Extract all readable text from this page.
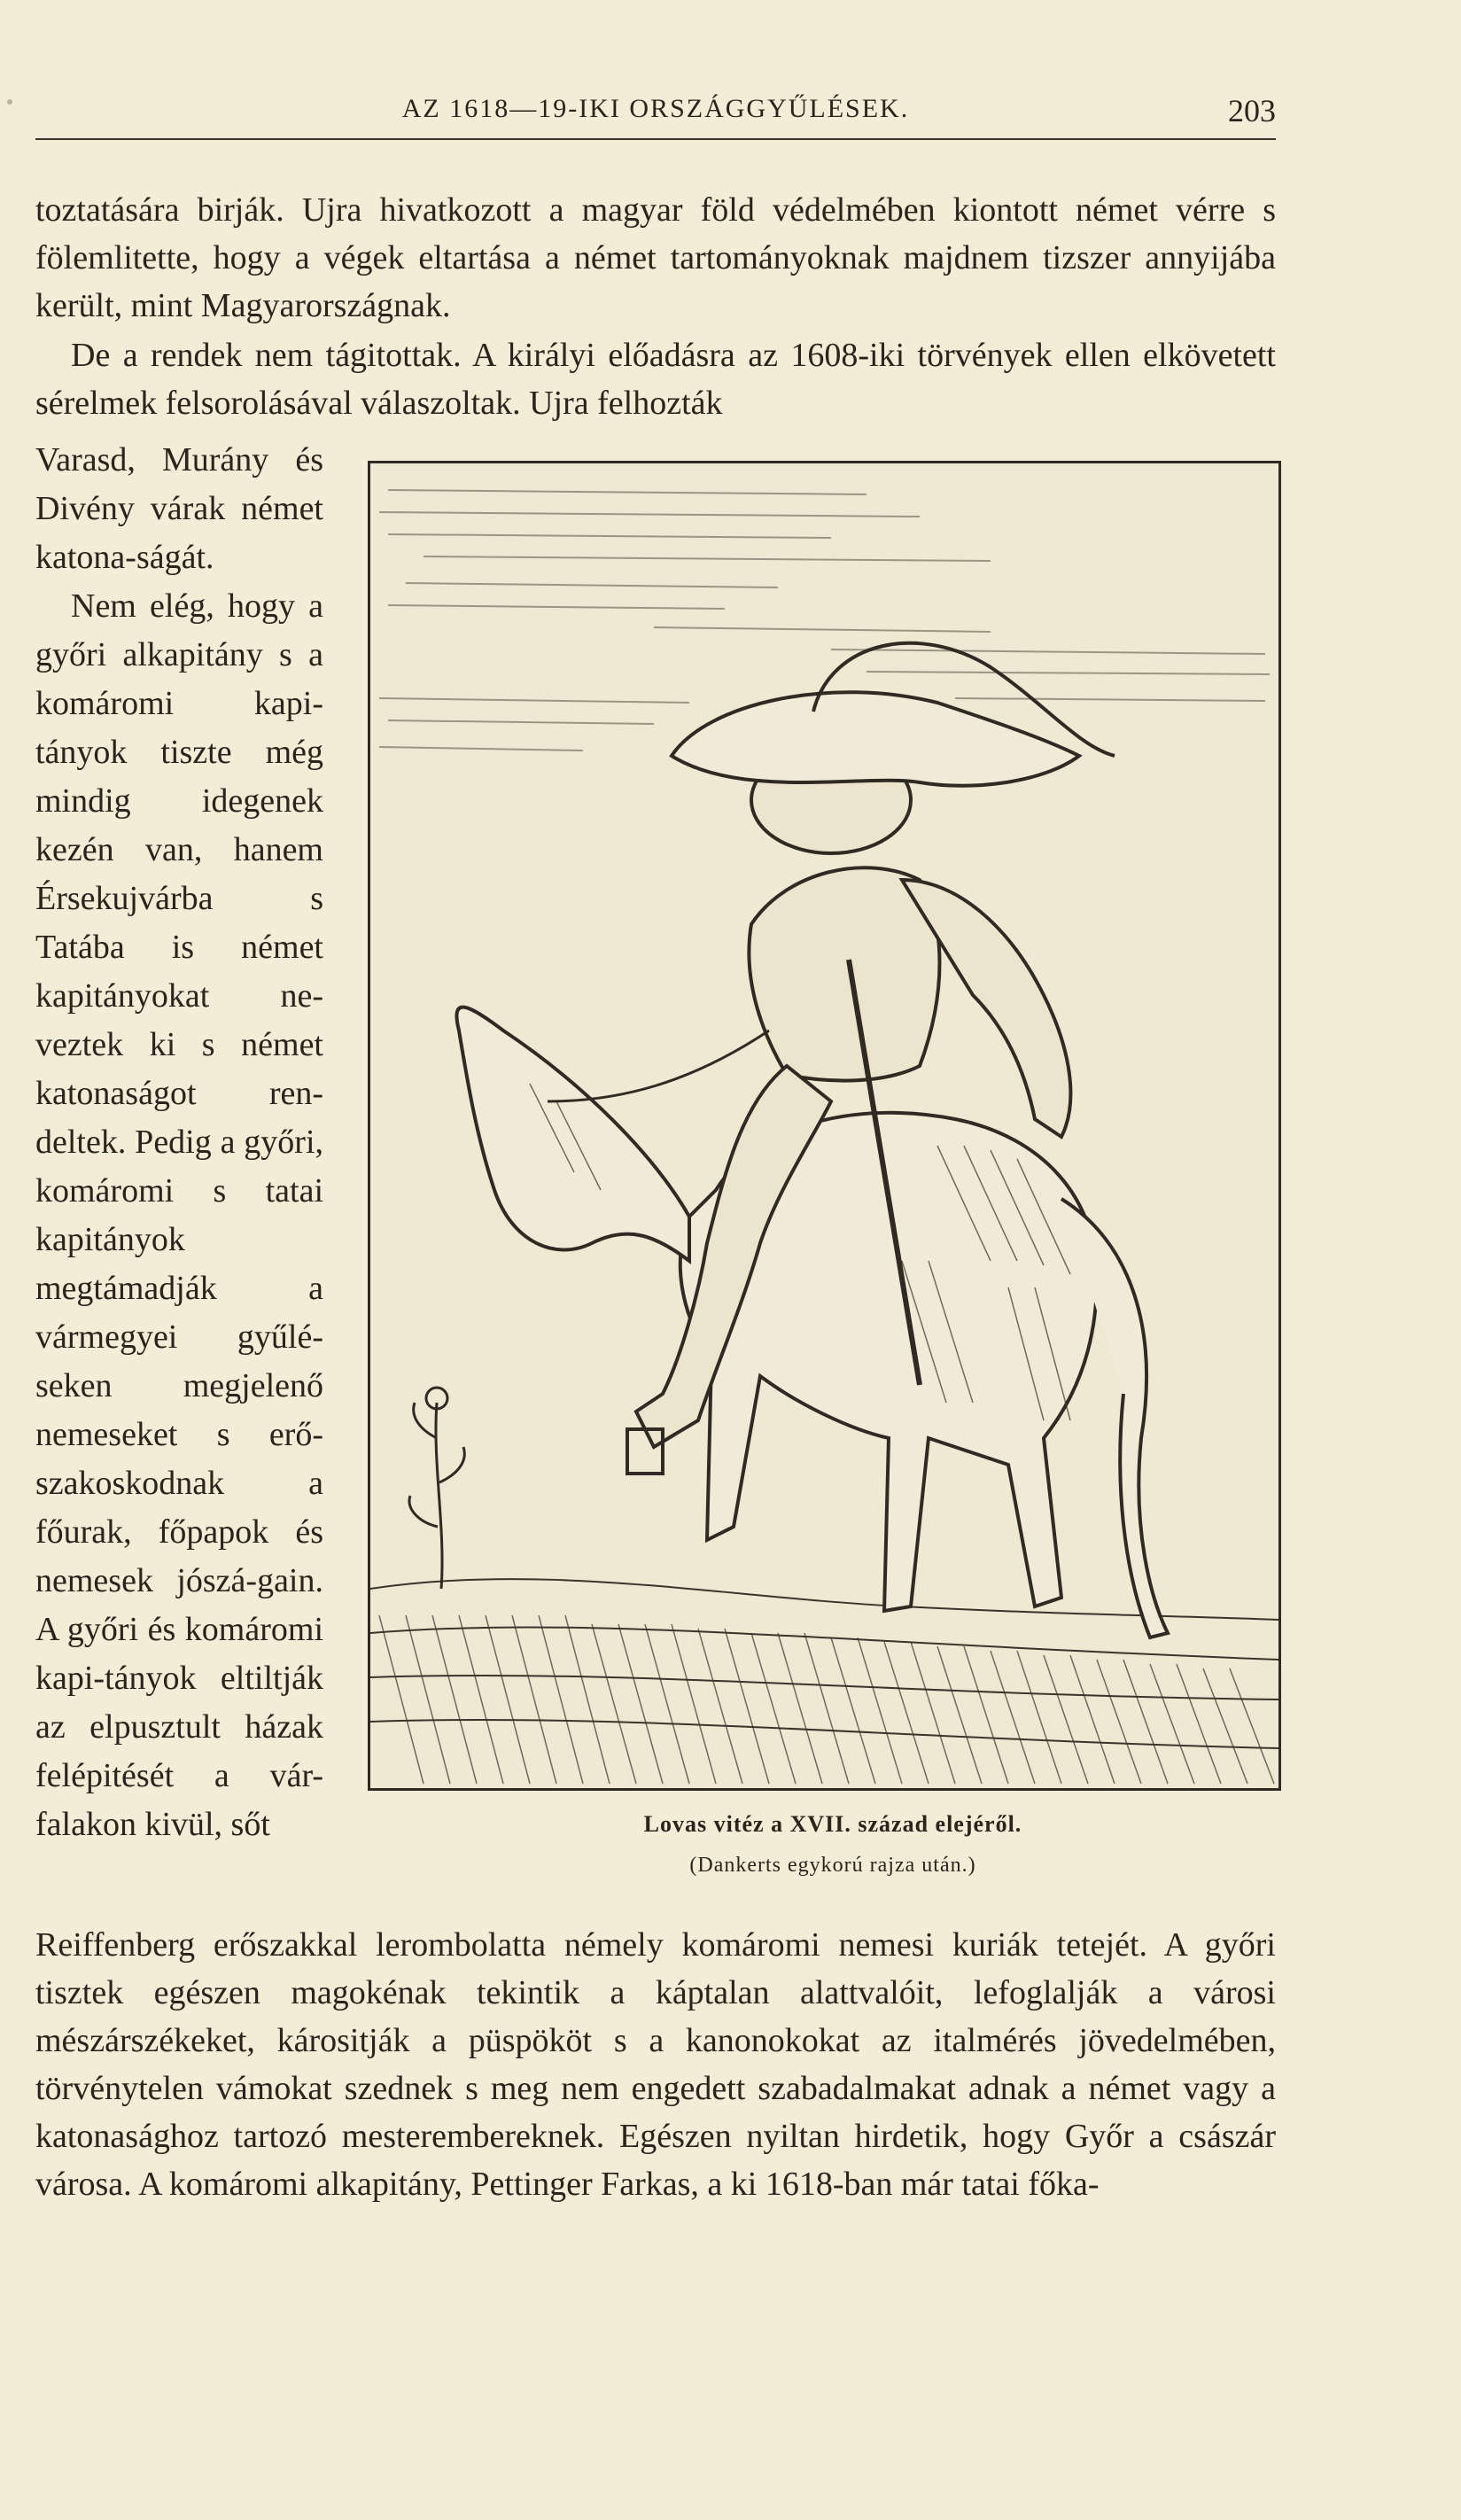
AZ 1618—19-IKI ORSZÁGGYŰLÉSEK.	203

toztatására birják. Ujra hivatkozott a magyar föld védelmében kiontott német vérre s fölemlitette, hogy a végek eltartása a német tartományoknak majdnem tizszer annyijába került, mint Magyarországnak.

De a rendek nem tágitottak. A királyi előadásra az 1608-iki törvények ellen elkövetett sérelmek felsorolásával válaszoltak. Ujra felhozták

Varasd, Murány és Divény várak német katona-ságát.

Nem elég, hogy a győri alkapitány s a komáromi kapi-tányok tiszte még mindig idegenek kezén van, hanem Érsekujvárba s Tatába is német kapitányokat ne-veztek ki s német katonaságot ren-deltek. Pedig a győri, komáromi s tatai kapitányok megtámadják a vármegyei gyűlé-seken megjelenő nemeseket s erő-szakoskodnak a főurak, főpapok és nemesek jószá-gain. A győri és komáromi kapi-tányok eltiltják az elpusztult házak felépitését a vár-falakon kivül, sőt	Lovas vitéz a XVII. század elejéről.
(Dankerts egykorú rajza után.)

Reiffenberg erőszakkal lerombolatta némely komáromi nemesi kuriák tetejét. A győri tisztek egészen magokénak tekintik a káptalan alattvalóit, lefoglalják a városi mészárszékeket, kárositják a püspököt s a kanonokokat az italmérés jövedelmében, törvénytelen vámokat szednek s meg nem engedett szabadalmakat adnak a német vagy a katonasághoz tartozó mesterembereknek. Egészen nyiltan hirdetik, hogy Győr a császár városa. A komáromi alkapitány, Pettinger Farkas, a ki 1618-ban már tatai főka-
